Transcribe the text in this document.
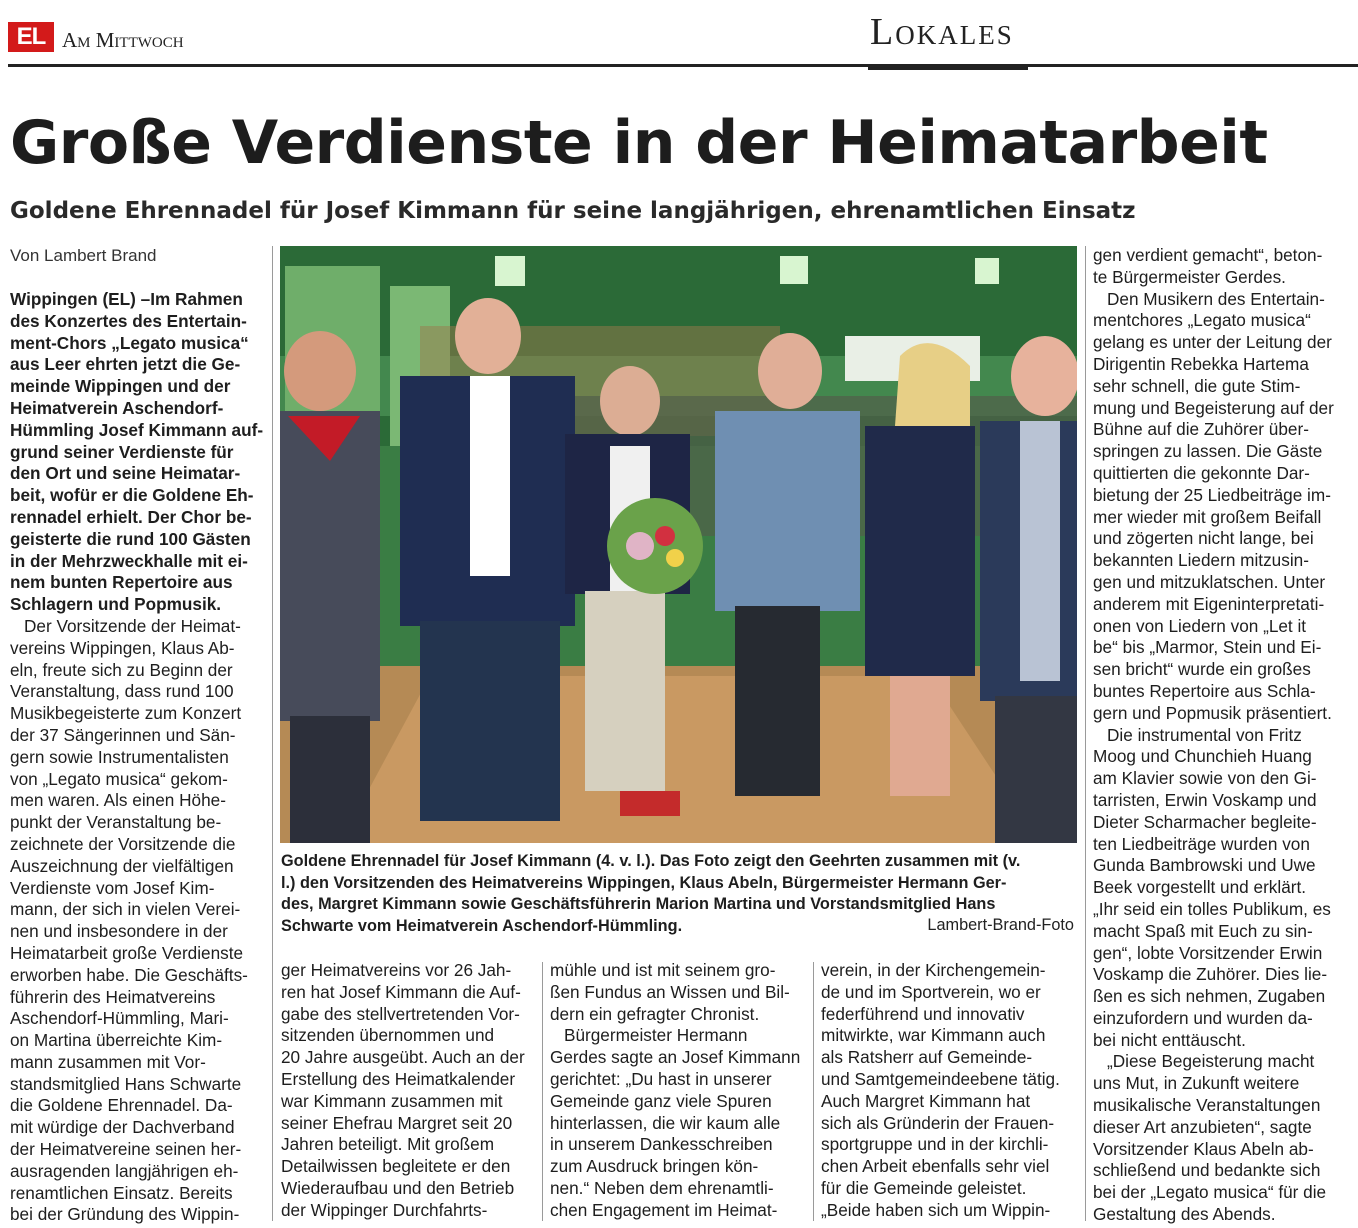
EL Am Mittwoch	Lokales
Große Verdienste in der Heimatarbeit
Goldene Ehrennadel für Josef Kimmann für seine langjährigen, ehrenamtlichen Einsatz
Von Lambert Brand
Wippingen (EL) –Im Rahmen
des Konzertes des Entertain-
ment-Chors „Legato musica“
aus Leer ehrten jetzt die Ge-
meinde Wippingen und der
Heimatverein Aschendorf-
Hümmling Josef Kimmann auf-
grund seiner Verdienste für
den Ort und seine Heimatar-
beit, wofür er die Goldene Eh-
rennadel erhielt. Der Chor be-
geisterte die rund 100 Gästen
in der Mehrzweckhalle mit ei-
nem bunten Repertoire aus
Schlagern und Popmusik.
Der Vorsitzende der Heimat-
vereins Wippingen, Klaus Ab-
eln, freute sich zu Beginn der
Veranstaltung, dass rund 100
Musikbegeisterte zum Konzert
der 37 Sängerinnen und Sän-
gern sowie Instrumentalisten
von „Legato musica“ gekom-
men waren. Als einen Höhe-
punkt der Veranstaltung be-
zeichnete der Vorsitzende die
Auszeichnung der vielfältigen
Verdienste vom Josef Kim-
mann, der sich in vielen Verei-
nen und insbesondere in der
Heimatarbeit große Verdienste
erworben habe. Die Geschäfts-
führerin des Heimatvereins
Aschendorf-Hümmling, Mari-
on Martina überreichte Kim-
mann zusammen mit Vor-
standsmitglied Hans Schwarte
die Goldene Ehrennadel. Da-
mit würdige der Dachverband
der Heimatvereine seinen her-
ausragenden langjährigen eh-
renamtlichen Einsatz. Bereits
bei der Gründung des Wippin-
Goldene Ehrennadel für Josef Kimmann (4. v. l.). Das Foto zeigt den Geehrten zusammen mit (v.
l.) den Vorsitzenden des Heimatvereins Wippingen, Klaus Abeln, Bürgermeister Hermann Ger-
des, Margret Kimmann sowie Geschäftsführerin Marion Martina und Vorstandsmitglied Hans
Schwarte vom Heimatverein Aschendorf-Hümmling.	Lambert-Brand-Foto
ger Heimatvereins vor 26 Jah-
ren hat Josef Kimmann die Auf-
gabe des stellvertretenden Vor-
sitzenden übernommen und
20 Jahre ausgeübt. Auch an der
Erstellung des Heimatkalender
war Kimmann zusammen mit
seiner Ehefrau Margret seit 20
Jahren beteiligt. Mit großem
Detailwissen begleitete er den
Wiederaufbau und den Betrieb
der Wippinger Durchfahrts-
mühle und ist mit seinem gro-
ßen Fundus an Wissen und Bil-
dern ein gefragter Chronist.
Bürgermeister Hermann
Gerdes sagte an Josef Kimmann
gerichtet: „Du hast in unserer
Gemeinde ganz viele Spuren
hinterlassen, die wir kaum alle
in unserem Dankesschreiben
zum Ausdruck bringen kön-
nen.“ Neben dem ehrenamtli-
chen Engagement im Heimat-
verein, in der Kirchengemein-
de und im Sportverein, wo er
federführend und innovativ
mitwirkte, war Kimmann auch
als Ratsherr auf Gemeinde-
und Samtgemeindeebene tätig.
Auch Margret Kimmann hat
sich als Gründerin der Frauen-
sportgruppe und in der kirchli-
chen Arbeit ebenfalls sehr viel
für die Gemeinde geleistet.
„Beide haben sich um Wippin-
gen verdient gemacht“, beton-
te Bürgermeister Gerdes.
Den Musikern des Entertain-
mentchores „Legato musica“
gelang es unter der Leitung der
Dirigentin Rebekka Hartema
sehr schnell, die gute Stim-
mung und Begeisterung auf der
Bühne auf die Zuhörer über-
springen zu lassen. Die Gäste
quittierten die gekonnte Dar-
bietung der 25 Liedbeiträge im-
mer wieder mit großem Beifall
und zögerten nicht lange, bei
bekannten Liedern mitzusin-
gen und mitzuklatschen. Unter
anderem mit Eigeninterpretati-
onen von Liedern von „Let it
be“ bis „Marmor, Stein und Ei-
sen bricht“ wurde ein großes
buntes Repertoire aus Schla-
gern und Popmusik präsentiert.
Die instrumental von Fritz
Moog und Chunchieh Huang
am Klavier sowie von den Gi-
tarristen, Erwin Voskamp und
Dieter Scharmacher begleite-
ten Liedbeiträge wurden von
Gunda Bambrowski und Uwe
Beek vorgestellt und erklärt.
„Ihr seid ein tolles Publikum, es
macht Spaß mit Euch zu sin-
gen“, lobte Vorsitzender Erwin
Voskamp die Zuhörer. Dies lie-
ßen es sich nehmen, Zugaben
einzufordern und wurden da-
bei nicht enttäuscht.
„Diese Begeisterung macht
uns Mut, in Zukunft weitere
musikalische Veranstaltungen
dieser Art anzubieten“, sagte
Vorsitzender Klaus Abeln ab-
schließend und bedankte sich
bei der „Legato musica“ für die
Gestaltung des Abends.
